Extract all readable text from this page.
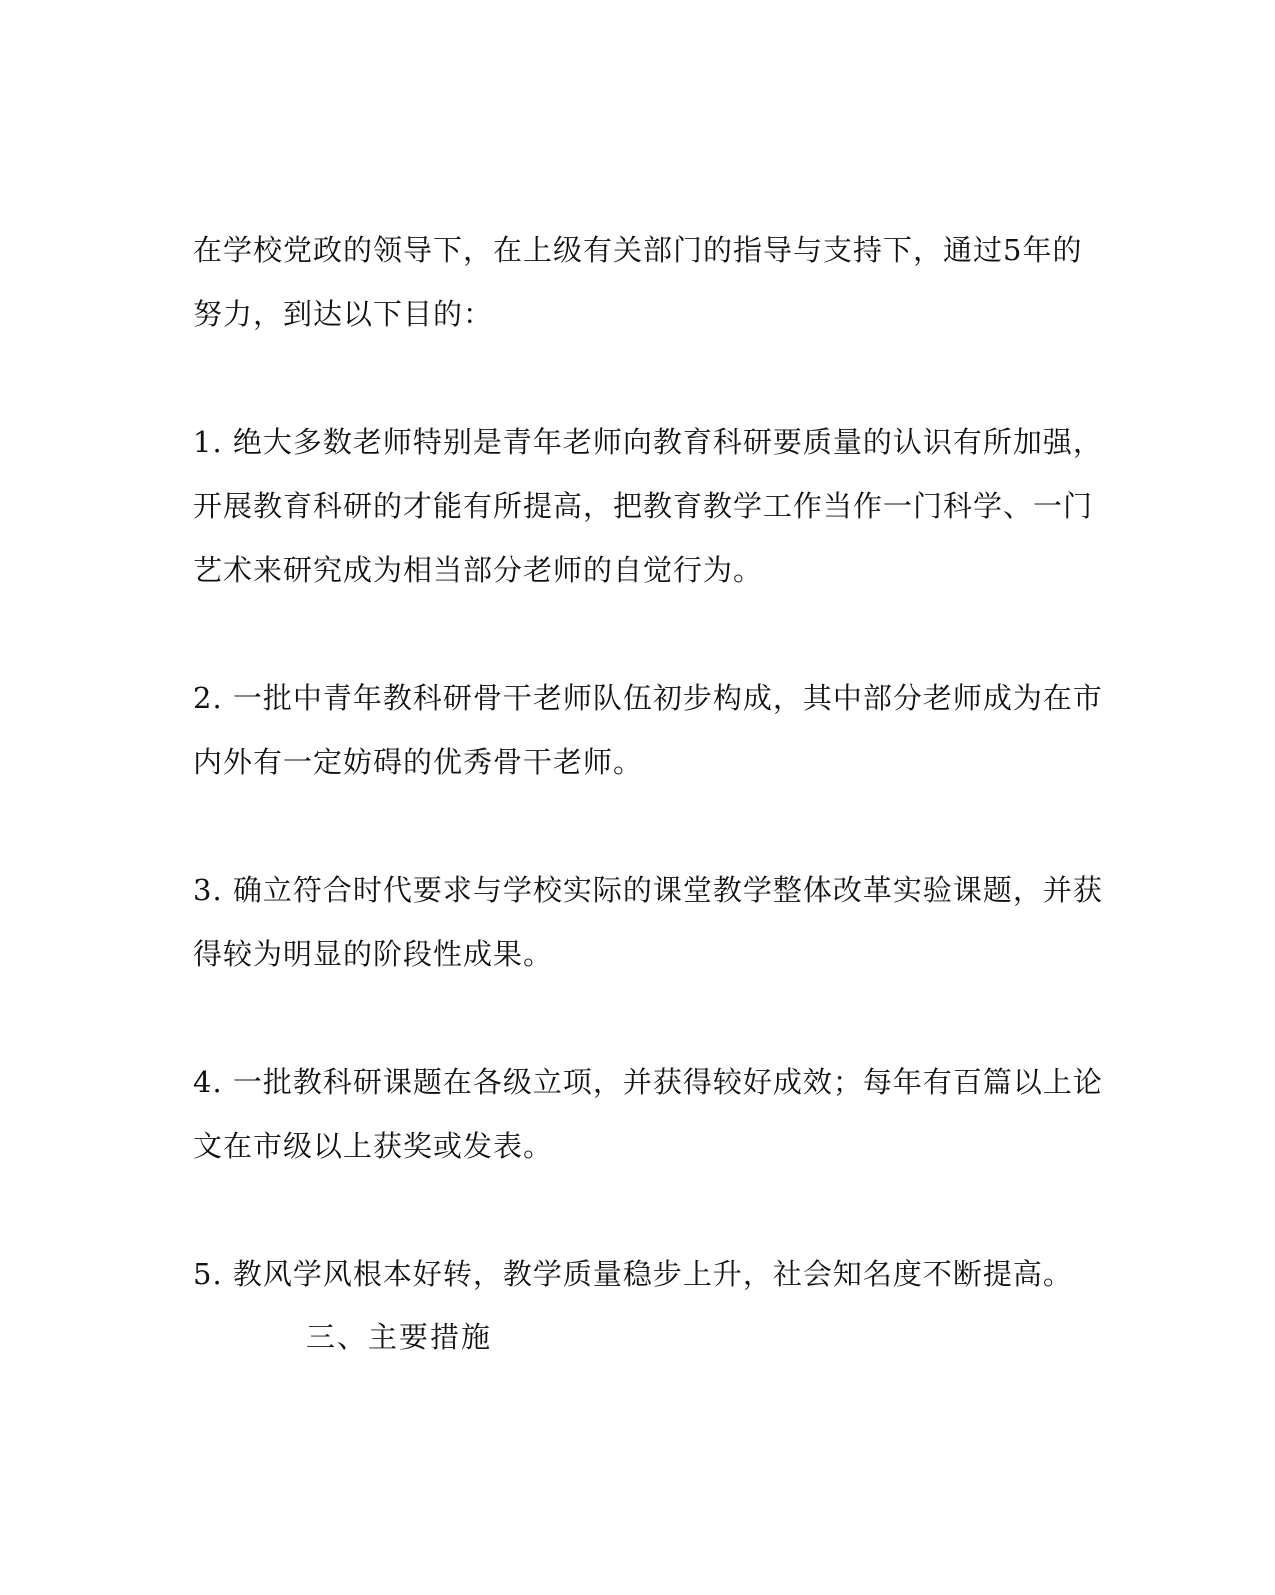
在学校党政的领导下，在上级有关部门的指导与支持下，通过5年的
努力，到达以下目的：
1. 绝大多数老师特别是青年老师向教育科研要质量的认识有所加强，
开展教育科研的才能有所提高，把教育教学工作当作一门科学、一门
艺术来研究成为相当部分老师的自觉行为。
2. 一批中青年教科研骨干老师队伍初步构成，其中部分老师成为在市
内外有一定妨碍的优秀骨干老师。
3. 确立符合时代要求与学校实际的课堂教学整体改革实验课题，并获
得较为明显的阶段性成果。
4. 一批教科研课题在各级立项，并获得较好成效；每年有百篇以上论
文在市级以上获奖或发表。
5. 教风学风根本好转，教学质量稳步上升，社会知名度不断提高。
三、主要措施
